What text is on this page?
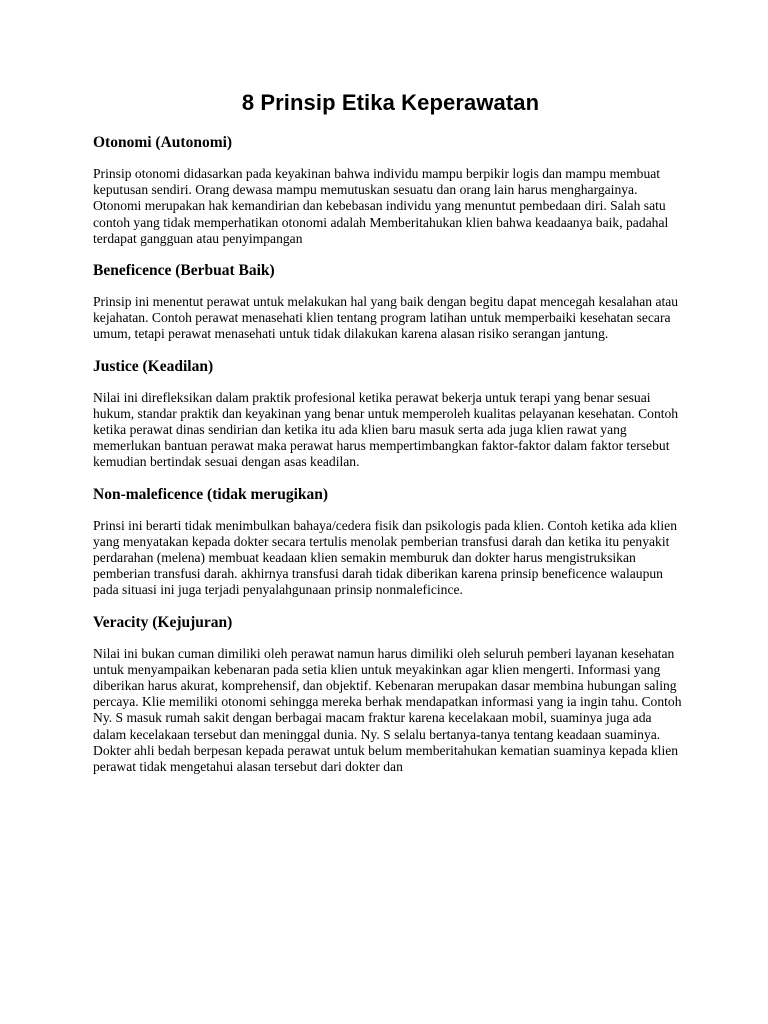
8 Prinsip Etika Keperawatan
Otonomi (Autonomi)

Prinsip otonomi didasarkan pada keyakinan bahwa individu mampu berpikir logis dan mampu membuat keputusan sendiri. Orang dewasa mampu memutuskan sesuatu dan orang lain harus menghargainya. Otonomi merupakan hak kemandirian dan kebebasan individu yang menuntut pembedaan diri. Salah satu contoh yang tidak memperhatikan otonomi adalah Memberitahukan klien bahwa keadaanya baik, padahal terdapat gangguan atau penyimpangan

Beneficence (Berbuat Baik)

Prinsip ini menentut perawat untuk melakukan hal yang baik dengan begitu dapat mencegah kesalahan atau kejahatan. Contoh perawat menasehati klien tentang program latihan untuk memperbaiki kesehatan secara umum, tetapi perawat menasehati untuk tidak dilakukan karena alasan risiko serangan jantung.

Justice (Keadilan)

Nilai ini direfleksikan dalam praktik profesional ketika perawat bekerja untuk terapi yang benar sesuai hukum, standar praktik dan keyakinan yang benar untuk memperoleh kualitas pelayanan kesehatan. Contoh ketika perawat dinas sendirian dan ketika itu ada klien baru masuk serta ada juga klien rawat yang memerlukan bantuan perawat maka perawat harus mempertimbangkan faktor-faktor dalam faktor tersebut kemudian bertindak sesuai dengan asas keadilan.

Non-maleficence (tidak merugikan)

Prinsi ini berarti tidak menimbulkan bahaya/cedera fisik dan psikologis pada klien. Contoh ketika ada klien yang menyatakan kepada dokter secara tertulis menolak pemberian transfusi darah dan ketika itu penyakit perdarahan (melena) membuat keadaan klien semakin memburuk dan dokter harus mengistruksikan pemberian transfusi darah. akhirnya transfusi darah tidak diberikan karena prinsip beneficence walaupun pada situasi ini juga terjadi penyalahgunaan prinsip nonmaleficince.

Veracity (Kejujuran)

Nilai ini bukan cuman dimiliki oleh perawat namun harus dimiliki oleh seluruh pemberi layanan kesehatan untuk menyampaikan kebenaran pada setia klien untuk meyakinkan agar klien mengerti. Informasi yang diberikan harus akurat, komprehensif, dan objektif. Kebenaran merupakan dasar membina hubungan saling percaya. Klie memiliki otonomi sehingga mereka berhak mendapatkan informasi yang ia ingin tahu. Contoh Ny. S masuk rumah sakit dengan berbagai macam fraktur karena kecelakaan mobil, suaminya juga ada dalam kecelakaan tersebut dan meninggal dunia. Ny. S selalu bertanya-tanya tentang keadaan suaminya. Dokter ahli bedah berpesan kepada perawat untuk belum memberitahukan kematian suaminya kepada klien perawat tidak mengetahui alasan tersebut dari dokter dan
